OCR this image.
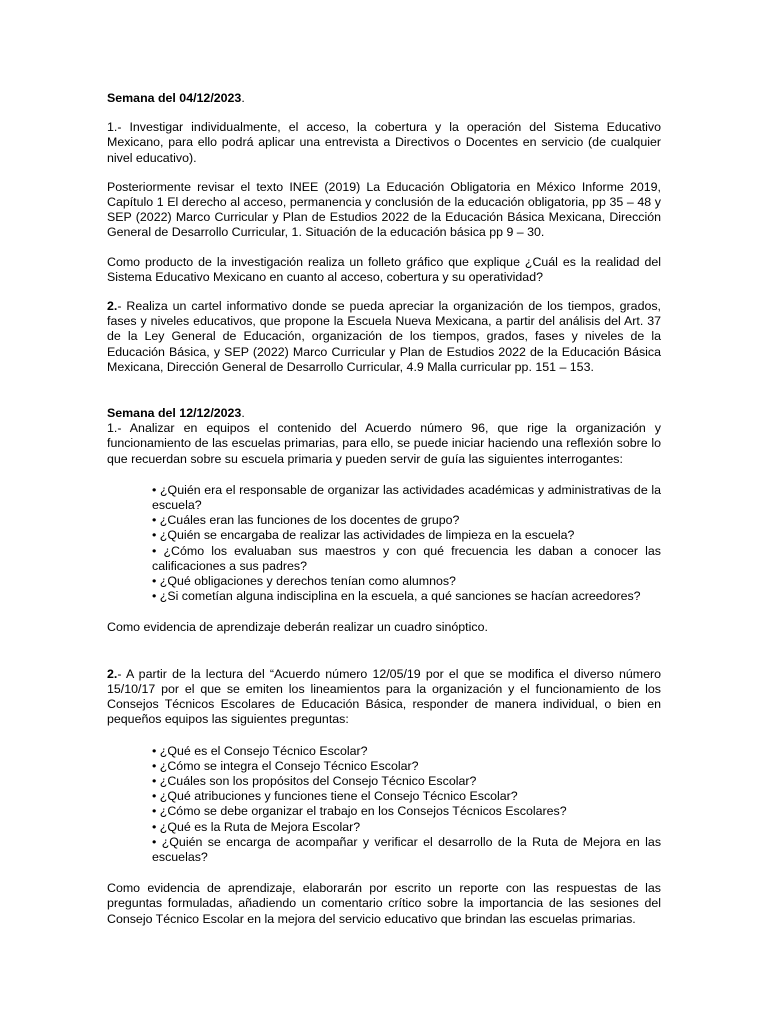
Semana del 04/12/2023.

1.- Investigar individualmente, el acceso, la cobertura y la operación del Sistema Educativo Mexicano, para ello podrá aplicar una entrevista a Directivos o Docentes en servicio (de cualquier nivel educativo).

Posteriormente revisar el texto INEE (2019) La Educación Obligatoria en México Informe 2019, Capítulo 1 El derecho al acceso, permanencia y conclusión de la educación obligatoria, pp 35 – 48 y SEP (2022) Marco Curricular y Plan de Estudios 2022 de la Educación Básica Mexicana, Dirección General de Desarrollo Curricular, 1. Situación de la educación básica pp 9 – 30.

Como producto de la investigación realiza un folleto gráfico que explique ¿Cuál es la realidad del Sistema Educativo Mexicano en cuanto al acceso, cobertura y su operatividad?

2.- Realiza un cartel informativo donde se pueda apreciar la organización de los tiempos, grados, fases y niveles educativos, que propone la Escuela Nueva Mexicana, a partir del análisis del Art. 37 de la Ley General de Educación, organización de los tiempos, grados, fases y niveles de la Educación Básica, y SEP (2022) Marco Curricular y Plan de Estudios 2022 de la Educación Básica Mexicana, Dirección General de Desarrollo Curricular, 4.9 Malla curricular pp. 151 – 153.

Semana del 12/12/2023.

1.- Analizar en equipos el contenido del Acuerdo número 96, que rige la organización y funcionamiento de las escuelas primarias, para ello, se puede iniciar haciendo una reflexión sobre lo que recuerdan sobre su escuela primaria y pueden servir de guía las siguientes interrogantes:

• ¿Quién era el responsable de organizar las actividades académicas y administrativas de la escuela?
• ¿Cuáles eran las funciones de los docentes de grupo?
• ¿Quién se encargaba de realizar las actividades de limpieza en la escuela?
• ¿Cómo los evaluaban sus maestros y con qué frecuencia les daban a conocer las calificaciones a sus padres?
• ¿Qué obligaciones y derechos tenían como alumnos?
• ¿Si cometían alguna indisciplina en la escuela, a qué sanciones se hacían acreedores?

Como evidencia de aprendizaje deberán realizar un cuadro sinóptico.

2.- A partir de la lectura del “Acuerdo número 12/05/19 por el que se modifica el diverso número 15/10/17 por el que se emiten los lineamientos para la organización y el funcionamiento de los Consejos Técnicos Escolares de Educación Básica, responder de manera individual, o bien en pequeños equipos las siguientes preguntas:

• ¿Qué es el Consejo Técnico Escolar?
• ¿Cómo se integra el Consejo Técnico Escolar?
• ¿Cuáles son los propósitos del Consejo Técnico Escolar?
• ¿Qué atribuciones y funciones tiene el Consejo Técnico Escolar?
• ¿Cómo se debe organizar el trabajo en los Consejos Técnicos Escolares?
• ¿Qué es la Ruta de Mejora Escolar?
• ¿Quién se encarga de acompañar y verificar el desarrollo de la Ruta de Mejora en las escuelas?

Como evidencia de aprendizaje, elaborarán por escrito un reporte con las respuestas de las preguntas formuladas, añadiendo un comentario crítico sobre la importancia de las sesiones del Consejo Técnico Escolar en la mejora del servicio educativo que brindan las escuelas primarias.
